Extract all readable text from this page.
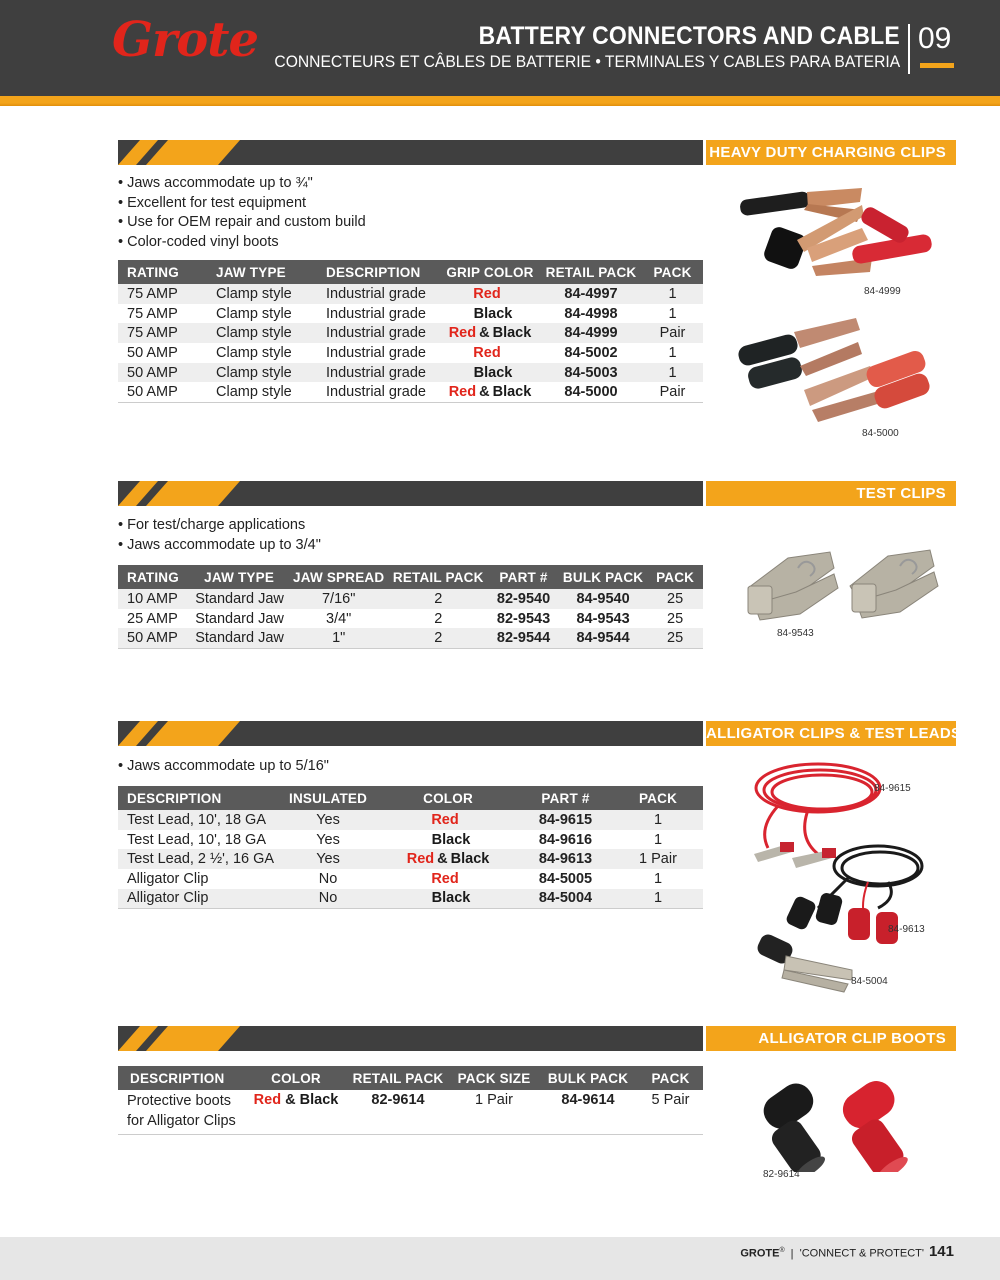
Grote	BATTERY CONNECTORS AND CABLE
CONNECTEURS ET CÂBLES DE BATTERIE • TERMINALES Y CABLES PARA BATERIA
09
HEAVY DUTY CHARGING CLIPS
• Jaws accommodate up to ¾"
• Excellent for test equipment
• Use for OEM repair and custom build
• Color-coded vinyl boots
RATING	JAW TYPE	DESCRIPTION	GRIP COLOR	RETAIL PACK	PACK
75 AMP	Clamp style	Industrial grade	Red	84-4997	1
75 AMP	Clamp style	Industrial grade	Black	84-4998	1
75 AMP	Clamp style	Industrial grade	Red & Black	84-4999	Pair
50 AMP	Clamp style	Industrial grade	Red	84-5002	1
50 AMP	Clamp style	Industrial grade	Black	84-5003	1
50 AMP	Clamp style	Industrial grade	Red & Black	84-5000	Pair
84-4999
84-5000
TEST CLIPS
• For test/charge applications
• Jaws accommodate up to 3/4"
RATING	JAW TYPE	JAW SPREAD	RETAIL PACK	PART #	BULK PACK	PACK
10 AMP	Standard Jaw	7/16"	2	82-9540	84-9540	25
25 AMP	Standard Jaw	3/4"	2	82-9543	84-9543	25
50 AMP	Standard Jaw	1"	2	82-9544	84-9544	25	84-9543
ALLIGATOR CLIPS & TEST LEADS
• Jaws accommodate up to 5/16"
DESCRIPTION	INSULATED	COLOR	PART #	PACK
Test Lead, 10', 18 GA	Yes	Red	84-9615	1
Test Lead, 10', 18 GA	Yes	Black	84-9616	1
Test Lead, 2 ½', 16 GA	Yes	Red & Black	84-9613	1 Pair
Alligator Clip	No	Red	84-5005	1
Alligator Clip	No	Black	84-5004	1
84-9615
84-9613
84-5004
ALLIGATOR CLIP BOOTS
DESCRIPTION	COLOR	RETAIL PACK	PACK SIZE	BULK PACK	PACK

Protective boots
for Alligator Clips	Red & Black	82-9614	1 Pair	84-9614	5 Pair
82-9614
GROTE® | 'CONNECT & PROTECT' 141
